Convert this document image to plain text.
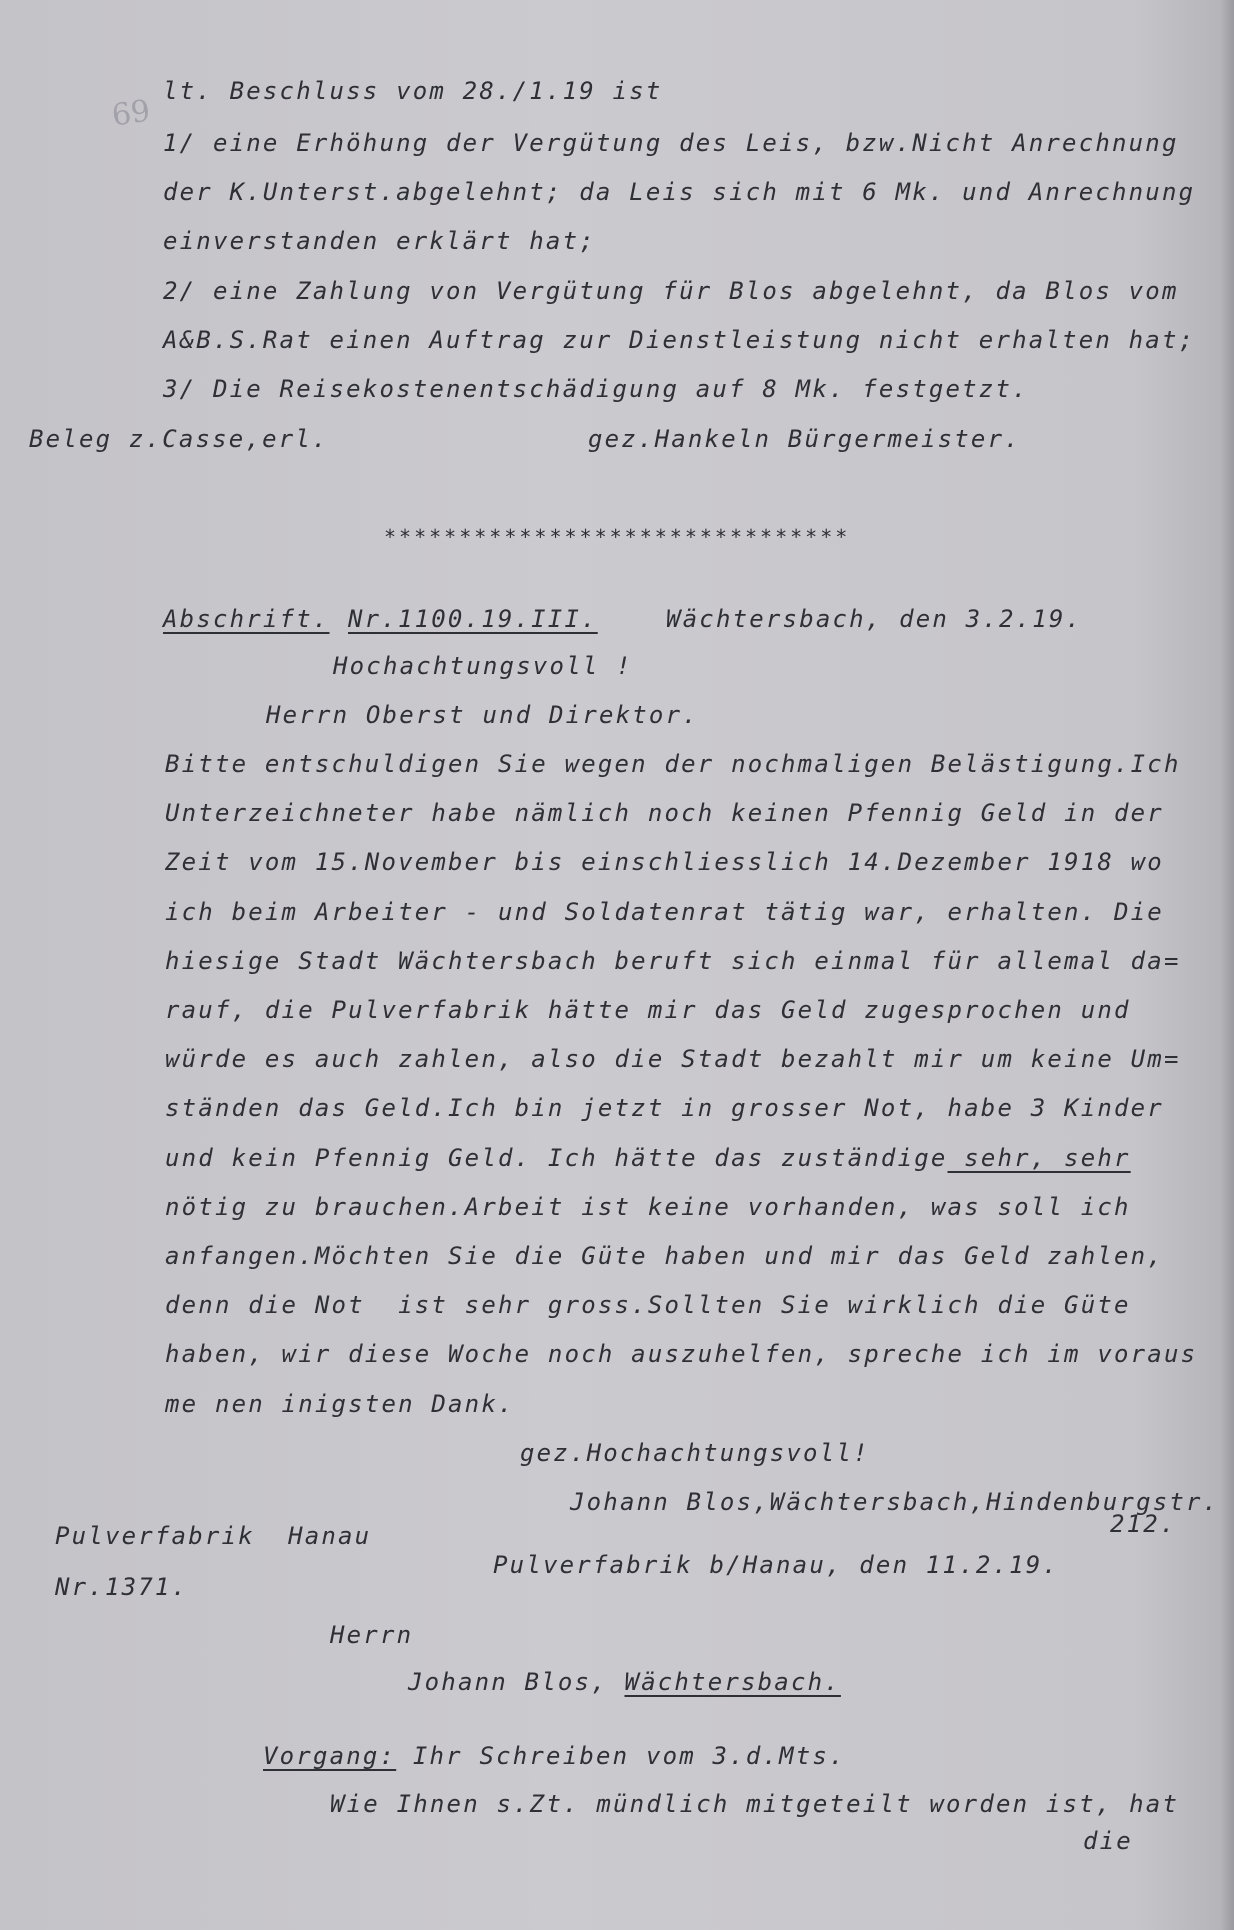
69
lt. Beschluss vom 28./1.19 ist
1/ eine Erhöhung der Vergütung des Leis, bzw.Nicht Anrechnung
der K.Unterst.abgelehnt; da Leis sich mit 6 Mk. und Anrechnung
einverstanden erklärt hat;
2/ eine Zahlung von Vergütung für Blos abgelehnt, da Blos vom
A&B.S.Rat einen Auftrag zur Dienstleistung nicht erhalten hat;
3/ Die Reisekostenentschädigung auf 8 Mk. festgetzt.
Beleg z.Casse,erl.	gez.Hankeln Bürgermeister.
*******************************
Abschrift. Nr.1100.19.III.	Wächtersbach, den 3.2.19.
Hochachtungsvoll !
Herrn Oberst und Direktor.
Bitte entschuldigen Sie wegen der nochmaligen Belästigung.Ich
Unterzeichneter habe nämlich noch keinen Pfennig Geld in der
Zeit vom 15.November bis einschliesslich 14.Dezember 1918 wo
ich beim Arbeiter - und Soldatenrat tätig war, erhalten. Die
hiesige Stadt Wächtersbach beruft sich einmal für allemal da=
rauf, die Pulverfabrik hätte mir das Geld zugesprochen und
würde es auch zahlen, also die Stadt bezahlt mir um keine Um=
ständen das Geld.Ich bin jetzt in grosser Not, habe 3 Kinder
und kein Pfennig Geld. Ich hätte das zuständige sehr, sehr
nötig zu brauchen.Arbeit ist keine vorhanden, was soll ich
anfangen.Möchten Sie die Güte haben und mir das Geld zahlen,
denn die Not  ist sehr gross.Sollten Sie wirklich die Güte
haben, wir diese Woche noch auszuhelfen, spreche ich im voraus
me nen inigsten Dank.
gez.Hochachtungsvoll!
Johann Blos,Wächtersbach,Hindenburgstr.
212.
Pulverfabrik  Hanau
Nr.1371.
Pulverfabrik b/Hanau, den 11.2.19.
Herrn
Johann Blos, Wächtersbach.
Vorgang: Ihr Schreiben vom 3.d.Mts.
Wie Ihnen s.Zt. mündlich mitgeteilt worden ist, hat
die
